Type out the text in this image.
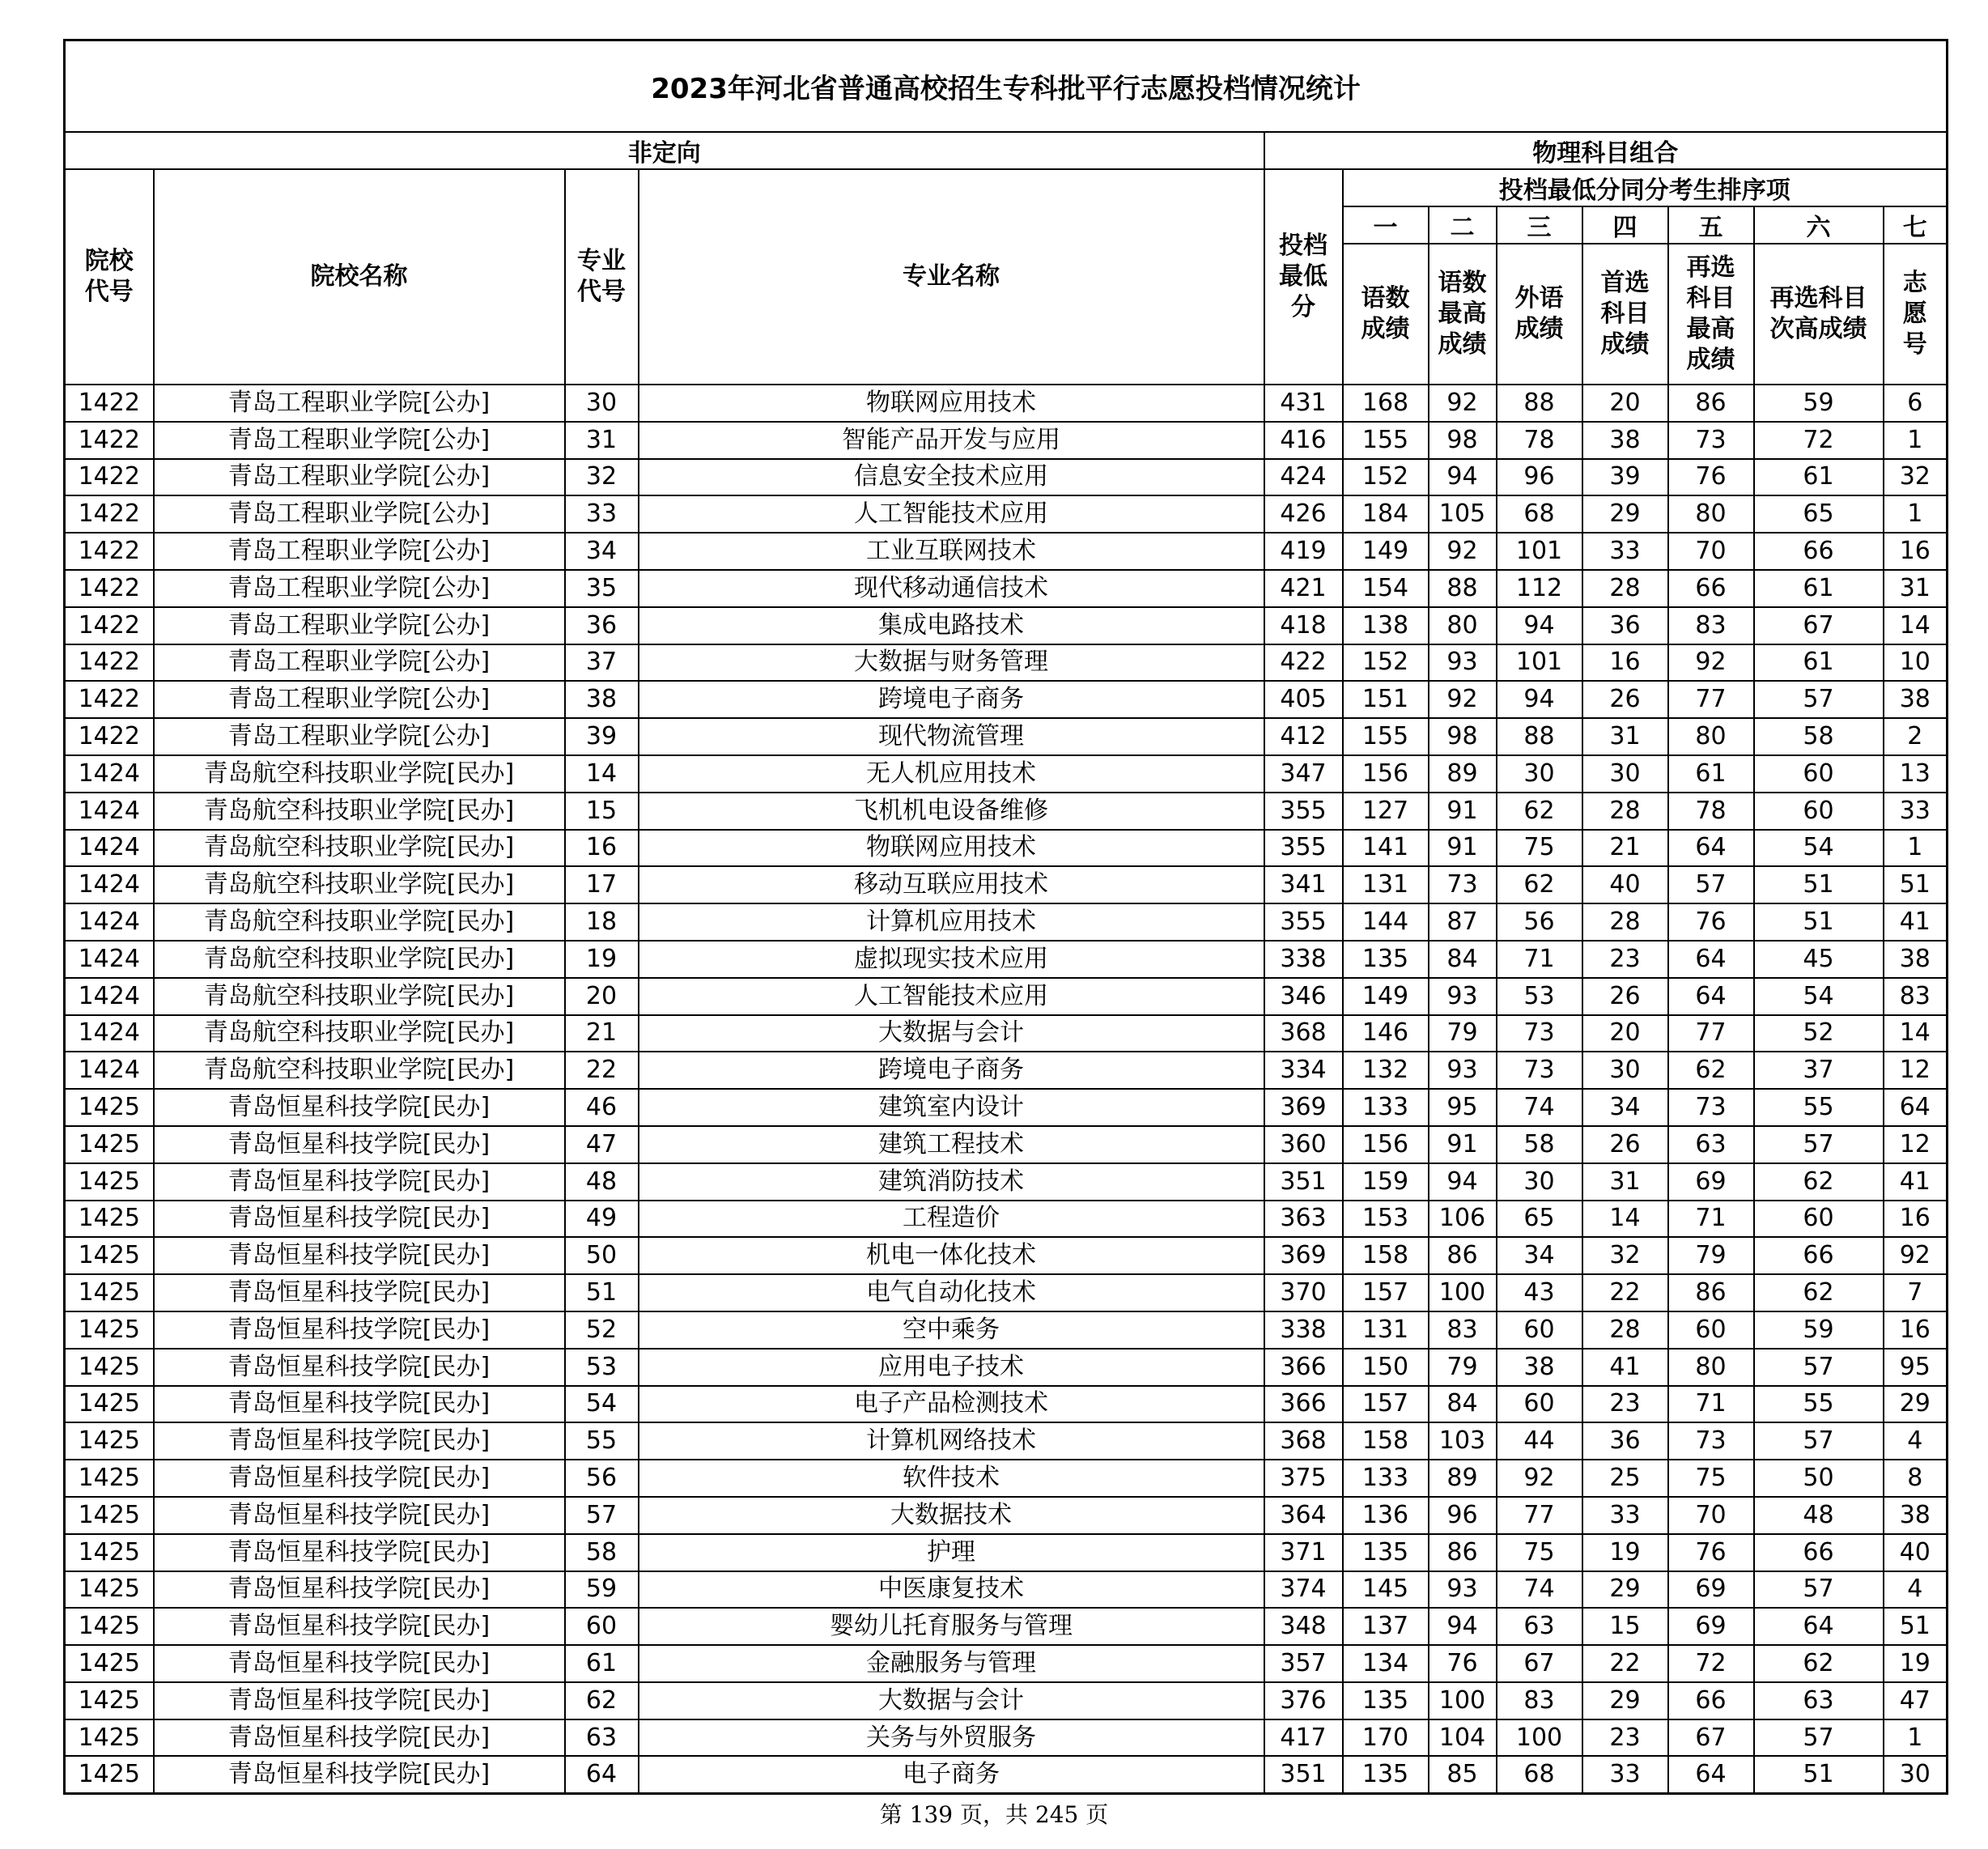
2023年河北省普通高校招生专科批平行志愿投档情况统计											
非定向				物理科目组合							
院校代号	院校名称	专业代号	专业名称	投档最低分	投档最低分同分考生排序项						
					一	二	三	四	五	六	七
					语数成绩	语数最高成绩	外语成绩	首选科目成绩	再选科目最高成绩	再选科目次高成绩	志愿号

1422	青岛工程职业学院[公办]	30	物联网应用技术	431	168	92	88	20	86	59	6
1422	青岛工程职业学院[公办]	31	智能产品开发与应用	416	155	98	78	38	73	72	1
1422	青岛工程职业学院[公办]	32	信息安全技术应用	424	152	94	96	39	76	61	32
1422	青岛工程职业学院[公办]	33	人工智能技术应用	426	184	105	68	29	80	65	1
1422	青岛工程职业学院[公办]	34	工业互联网技术	419	149	92	101	33	70	66	16
1422	青岛工程职业学院[公办]	35	现代移动通信技术	421	154	88	112	28	66	61	31
1422	青岛工程职业学院[公办]	36	集成电路技术	418	138	80	94	36	83	67	14
1422	青岛工程职业学院[公办]	37	大数据与财务管理	422	152	93	101	16	92	61	10
1422	青岛工程职业学院[公办]	38	跨境电子商务	405	151	92	94	26	77	57	38
1422	青岛工程职业学院[公办]	39	现代物流管理	412	155	98	88	31	80	58	2
1424	青岛航空科技职业学院[民办]	14	无人机应用技术	347	156	89	30	30	61	60	13
1424	青岛航空科技职业学院[民办]	15	飞机机电设备维修	355	127	91	62	28	78	60	33
1424	青岛航空科技职业学院[民办]	16	物联网应用技术	355	141	91	75	21	64	54	1
1424	青岛航空科技职业学院[民办]	17	移动互联应用技术	341	131	73	62	40	57	51	51
1424	青岛航空科技职业学院[民办]	18	计算机应用技术	355	144	87	56	28	76	51	41
1424	青岛航空科技职业学院[民办]	19	虚拟现实技术应用	338	135	84	71	23	64	45	38
1424	青岛航空科技职业学院[民办]	20	人工智能技术应用	346	149	93	53	26	64	54	83
1424	青岛航空科技职业学院[民办]	21	大数据与会计	368	146	79	73	20	77	52	14
1424	青岛航空科技职业学院[民办]	22	跨境电子商务	334	132	93	73	30	62	37	12
1425	青岛恒星科技学院[民办]	46	建筑室内设计	369	133	95	74	34	73	55	64
1425	青岛恒星科技学院[民办]	47	建筑工程技术	360	156	91	58	26	63	57	12
1425	青岛恒星科技学院[民办]	48	建筑消防技术	351	159	94	30	31	69	62	41
1425	青岛恒星科技学院[民办]	49	工程造价	363	153	106	65	14	71	60	16
1425	青岛恒星科技学院[民办]	50	机电一体化技术	369	158	86	34	32	79	66	92
1425	青岛恒星科技学院[民办]	51	电气自动化技术	370	157	100	43	22	86	62	7
1425	青岛恒星科技学院[民办]	52	空中乘务	338	131	83	60	28	60	59	16
1425	青岛恒星科技学院[民办]	53	应用电子技术	366	150	79	38	41	80	57	95
1425	青岛恒星科技学院[民办]	54	电子产品检测技术	366	157	84	60	23	71	55	29
1425	青岛恒星科技学院[民办]	55	计算机网络技术	368	158	103	44	36	73	57	4
1425	青岛恒星科技学院[民办]	56	软件技术	375	133	89	92	25	75	50	8
1425	青岛恒星科技学院[民办]	57	大数据技术	364	136	96	77	33	70	48	38
1425	青岛恒星科技学院[民办]	58	护理	371	135	86	75	19	76	66	40
1425	青岛恒星科技学院[民办]	59	中医康复技术	374	145	93	74	29	69	57	4
1425	青岛恒星科技学院[民办]	60	婴幼儿托育服务与管理	348	137	94	63	15	69	64	51
1425	青岛恒星科技学院[民办]	61	金融服务与管理	357	134	76	67	22	72	62	19
1425	青岛恒星科技学院[民办]	62	大数据与会计	376	135	100	83	29	66	63	47
1425	青岛恒星科技学院[民办]	63	关务与外贸服务	417	170	104	100	23	67	57	1
1425	青岛恒星科技学院[民办]	64	电子商务	351	135	85	68	33	64	51	30
第 139 页，共 245 页
